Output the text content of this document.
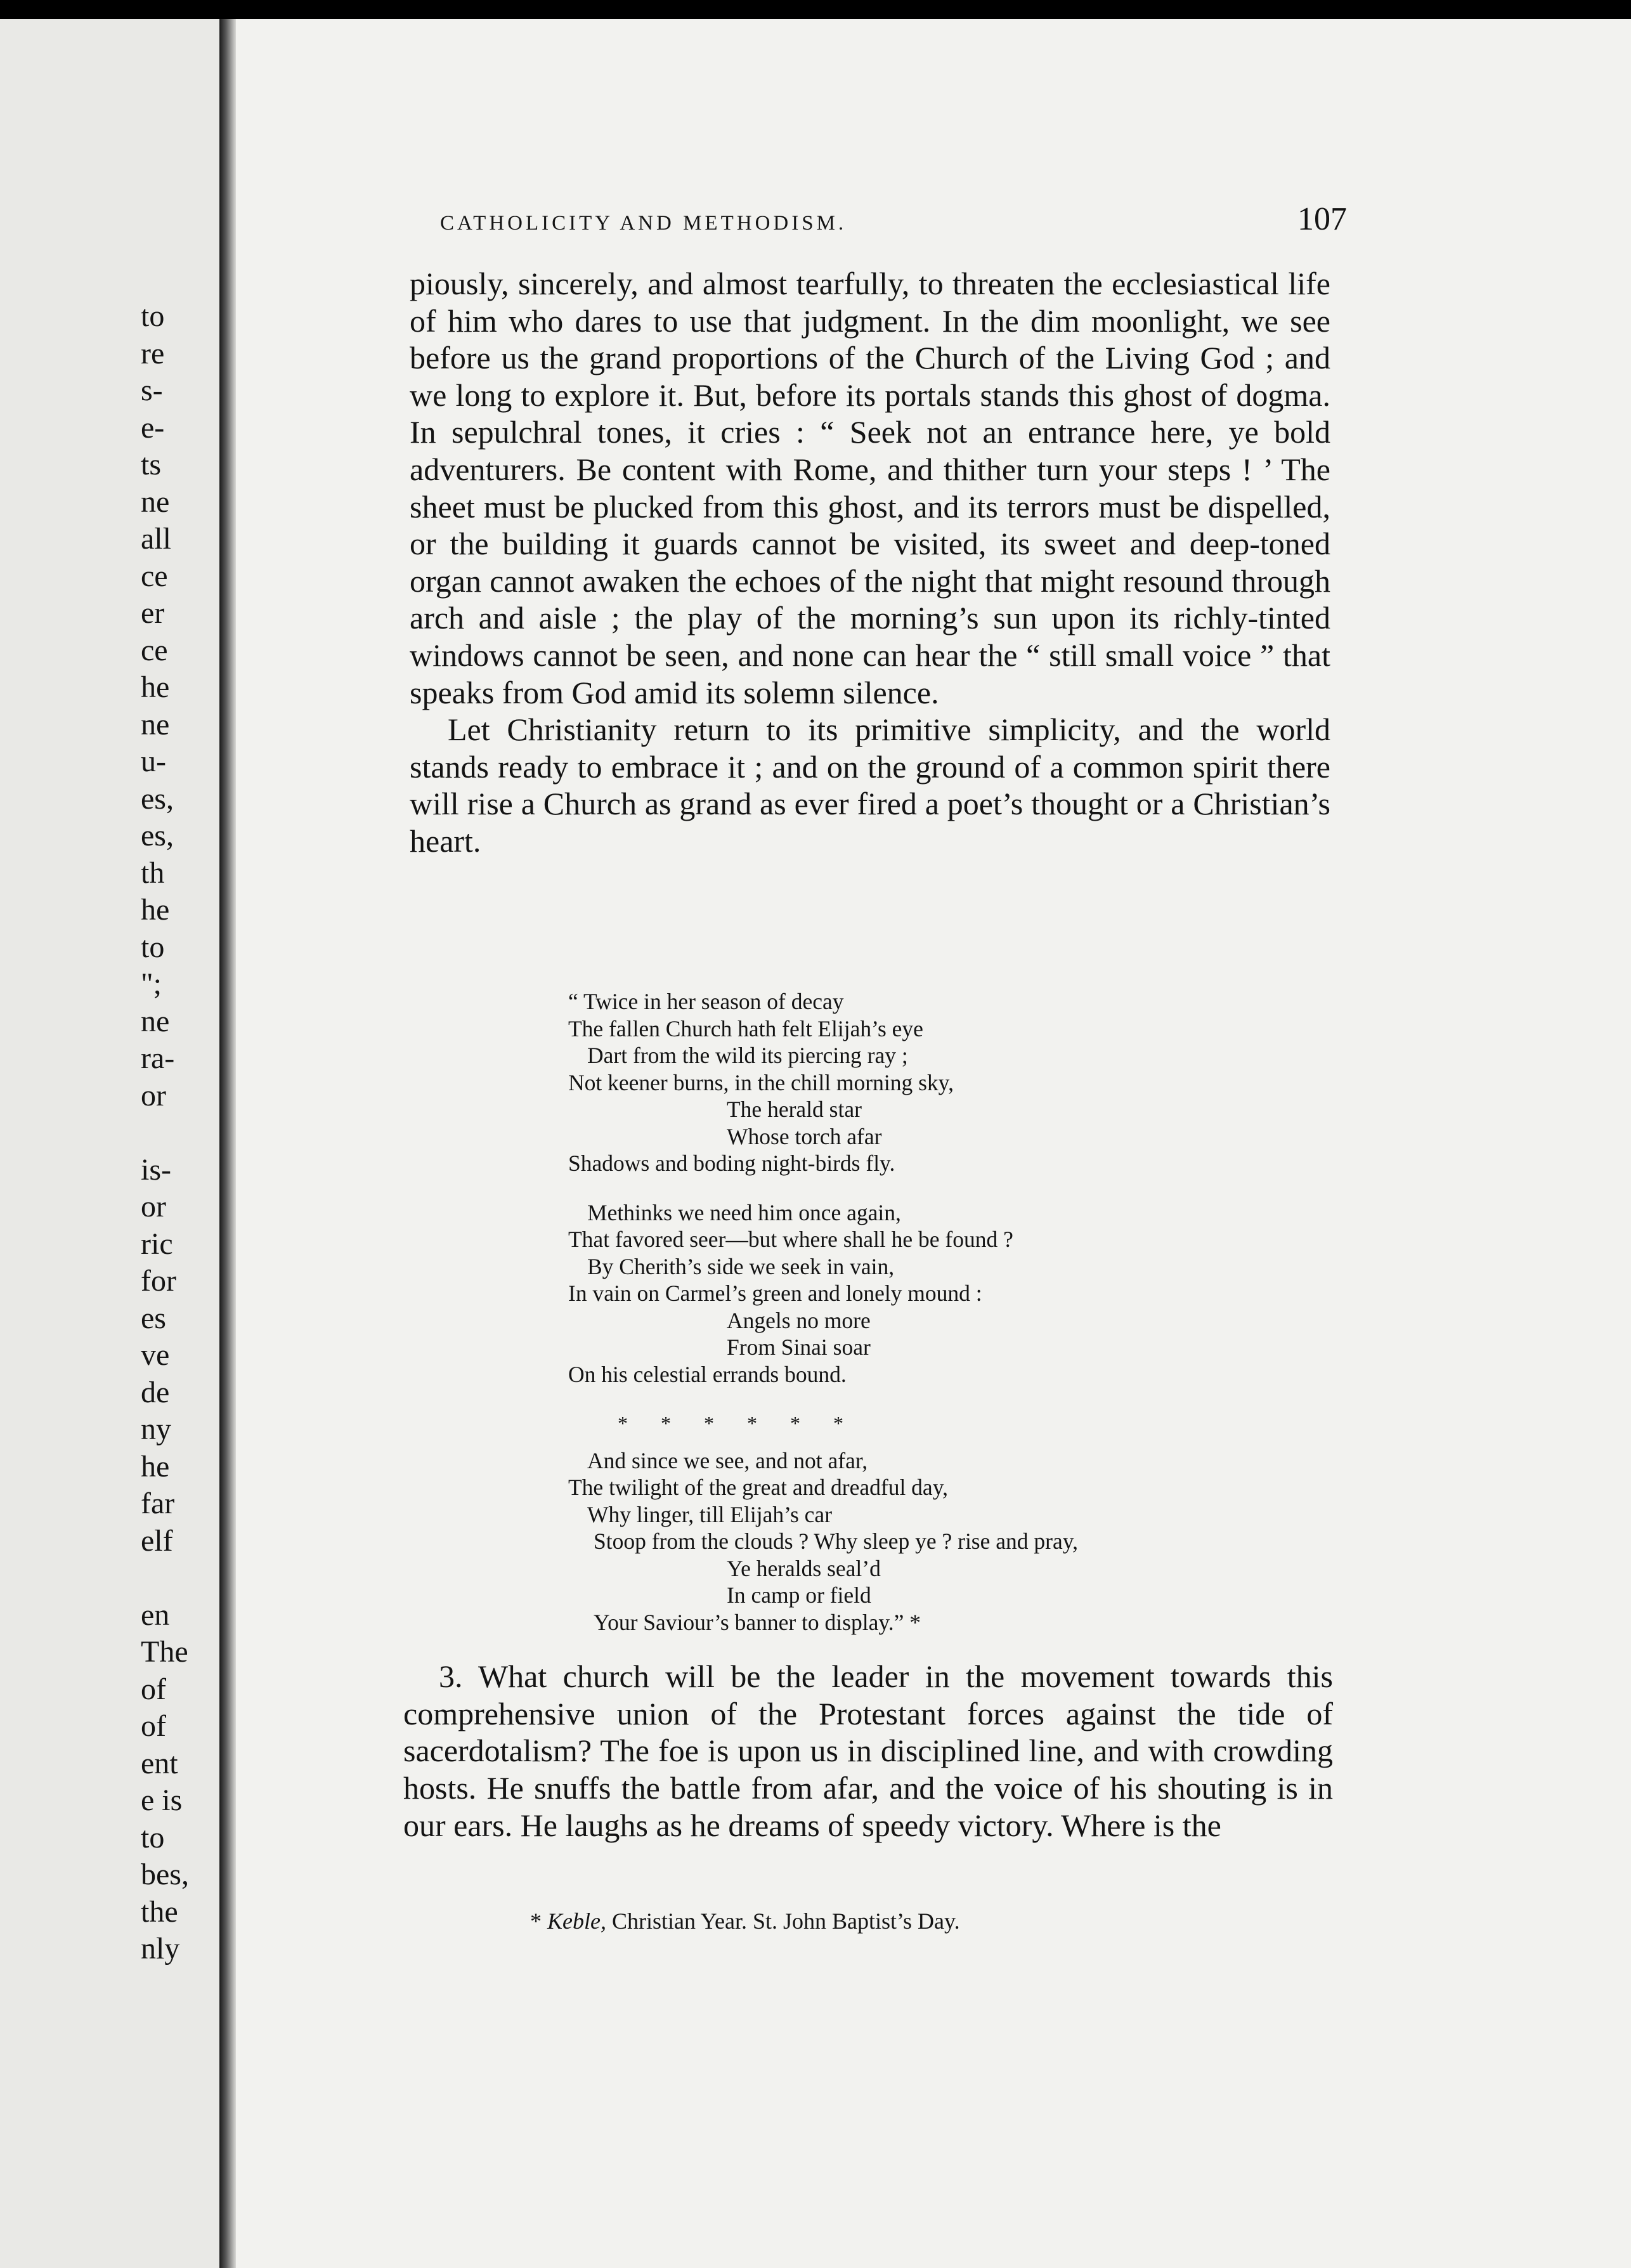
to
re
s-
e-
ts
ne
all
ce
er
ce
he
ne
u-
es,
es,
th
he
to
";
ne
ra-
or
is-
or
ric
for
es
ve
de
ny
he
far
elf
en
The
of
of
ent
e is
to
bes,
the
nly
CATHOLICITY AND METHODISM.	107

piously, sincerely, and almost tearfully, to threaten the ecclesiastical life of him who dares to use that judgment. In the dim moonlight, we see before us the grand proportions of the Church of the Living God ; and we long to explore it. But, before its portals stands this ghost of dogma. In sepulchral tones, it cries : “ Seek not an entrance here, ye bold adventurers. Be content with Rome, and thither turn your steps ! ’ The sheet must be plucked from this ghost, and its terrors must be dispelled, or the building it guards cannot be visited, its sweet and deep-toned organ cannot awaken the echoes of the night that might resound through arch and aisle ; the play of the morning’s sun upon its richly-tinted windows cannot be seen, and none can hear the “ still small voice ” that speaks from God amid its solemn silence.

Let Christianity return to its primitive simplicity, and the world stands ready to embrace it ; and on the ground of a common spirit there will rise a Church as grand as ever fired a poet’s thought or a Christian’s heart.

“ Twice in her season of decay
The fallen Church hath felt Elijah’s eye
Dart from the wild its piercing ray ;
Not keener burns, in the chill morning sky,
The herald star
Whose torch afar
Shadows and boding night-birds fly.
Methinks we need him once again,
That favored seer—but where shall he be found ?
By Cherith’s side we seek in vain,
In vain on Carmel’s green and lonely mound :
Angels no more
From Sinai soar
On his celestial errands bound.
* * * * * *
And since we see, and not afar,
The twilight of the great and dreadful day,
Why linger, till Elijah’s car
Stoop from the clouds ? Why sleep ye ? rise and pray,
Ye heralds seal’d
In camp or field
Your Saviour’s banner to display.” *

3. What church will be the leader in the movement towards this comprehensive union of the Protestant forces against the tide of sacerdotalism? The foe is upon us in disciplined line, and with crowding hosts. He snuffs the battle from afar, and the voice of his shouting is in our ears. He laughs as he dreams of speedy victory. Where is the

* Keble, Christian Year. St. John Baptist’s Day.
